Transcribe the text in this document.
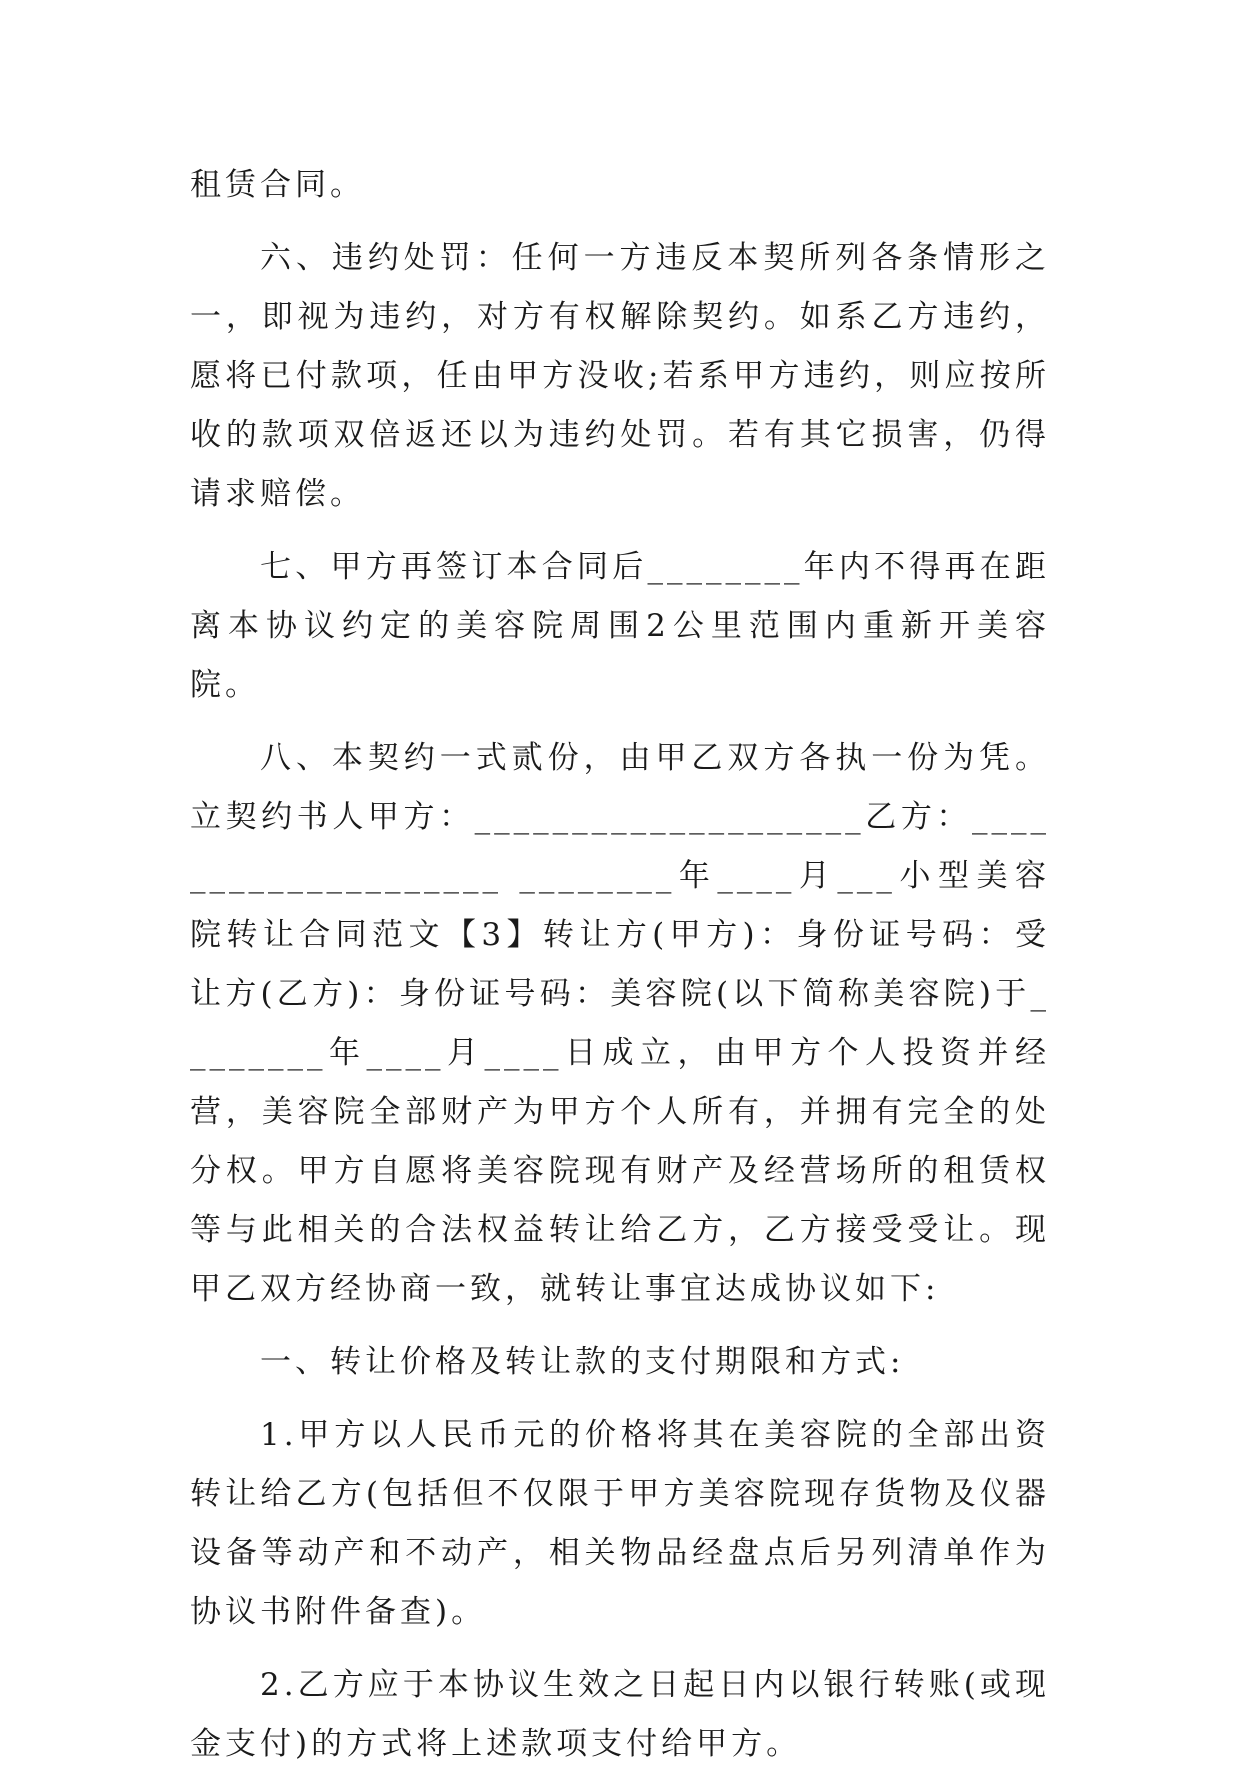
租赁合同。

六、违约处罚：任何一方违反本契所列各条情形之一，即视为违约，对方有权解除契约。如系乙方违约，愿将已付款项，任由甲方没收;若系甲方违约，则应按所收的款项双倍返还以为违约处罚。若有其它损害，仍得请求赔偿。

七、甲方再签订本合同后________年内不得再在距离本协议约定的美容院周围2公里范围内重新开美容院。

八、本契约一式贰份，由甲乙双方各执一份为凭。立契约书人甲方：____________________乙方：____________________ ________年____月___小型美容院转让合同范文【3】转让方(甲方)：身份证号码：受让方(乙方)：身份证号码：美容院(以下简称美容院)于________年____月____日成立，由甲方个人投资并经营，美容院全部财产为甲方个人所有，并拥有完全的处分权。甲方自愿将美容院现有财产及经营场所的租赁权等与此相关的合法权益转让给乙方，乙方接受受让。现甲乙双方经协商一致，就转让事宜达成协议如下:

一、转让价格及转让款的支付期限和方式:

1.甲方以人民币元的价格将其在美容院的全部出资转让给乙方(包括但不仅限于甲方美容院现存货物及仪器设备等动产和不动产，相关物品经盘点后另列清单作为协议书附件备查)。

2.乙方应于本协议生效之日起日内以银行转账(或现金支付)的方式将上述款项支付给甲方。
